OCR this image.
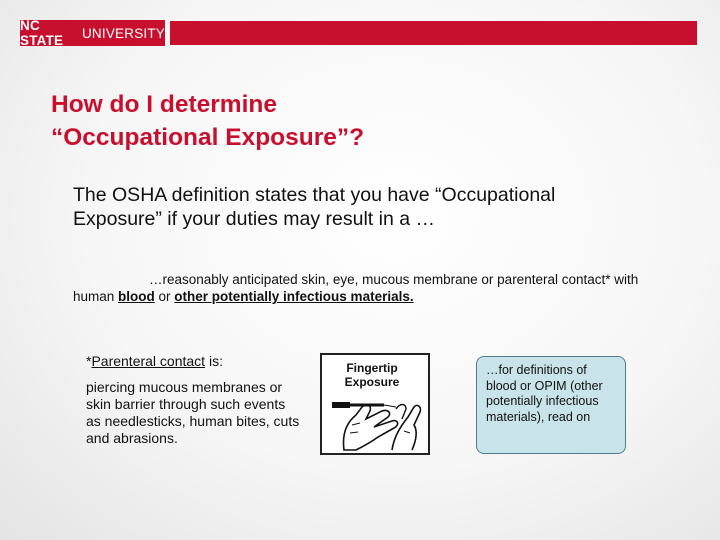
NC STATE	UNIVERSITY
How do I determine
“Occupational Exposure”?
The OSHA definition states that you have “Occupational
Exposure” if your duties may result in a …
…reasonably anticipated skin, eye, mucous membrane or parenteral contact* with human blood or other potentially infectious materials.

*Parenteral contact is:

piercing mucous membranes or skin barrier through such events as needlesticks, human bites, cuts and abrasions.

Fingertip
Exposure
…for definitions of blood or OPIM (other potentially infectious materials), read on
